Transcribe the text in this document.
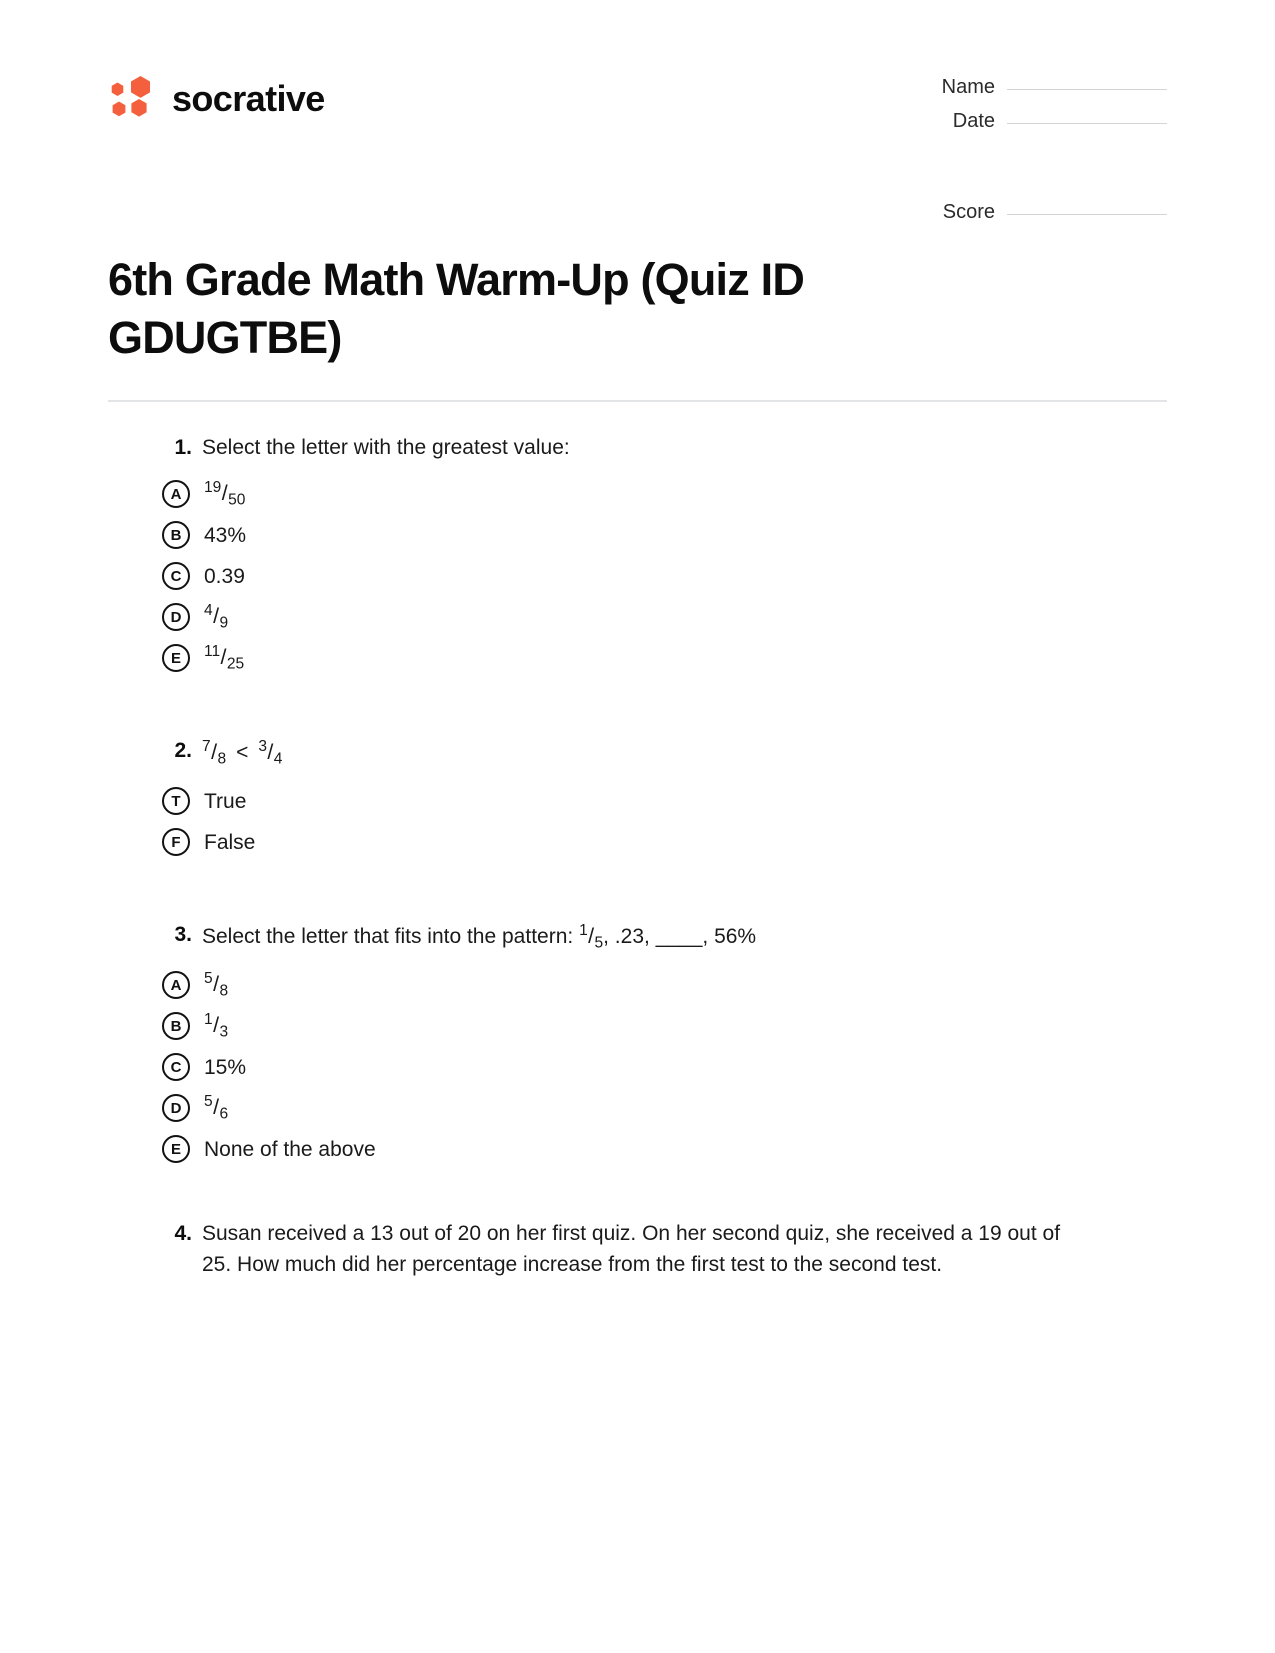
socrative	Name
Date
Score
6th Grade Math Warm-Up (Quiz ID GDUGTBE)
1. Select the letter with the greatest value:
A	$^{19}/_{50}$
B	43%
C	0.39
D	$^4/_9$
E	$^{11}/_{25}$
2. $^7/_8 < ^3/_4$
T	True
F	False
3. Select the letter that fits into the pattern: $^1/_5$, .23, ____, 56%
A	$^5/_8$
B	$^1/_3$
C	15%
D	$^5/_6$
E	None of the above
4. Susan received a 13 out of 20 on her first quiz. On her second quiz, she received a 19 out of 25. How much did her percentage increase from the first test to the second test.
